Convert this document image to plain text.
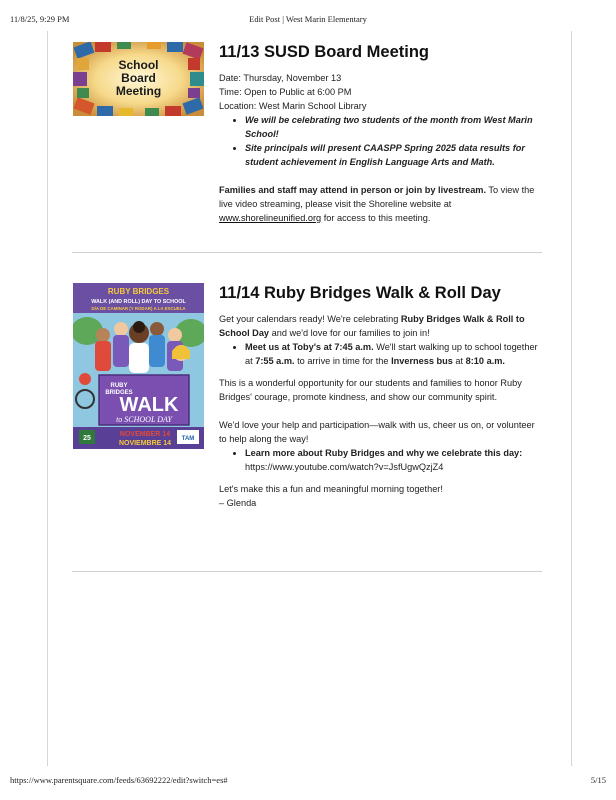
11/8/25, 9:29 PM	Edit Post | West Marin Elementary
School
Board
Meeting
11/13 SUSD Board Meeting

Date: Thursday, November 13

Time: Open to Public at 6:00 PM

Location: West Marin School Library

• We will be celebrating two students of the month from West Marin School!
• Site principals will present CAASPP Spring 2025 data results for student achievement in English Language Arts and Math.

Families and staff may attend in person or join by livestream. To view the live video streaming, please visit the Shoreline website at www.shorelineunified.org for access to this meeting.

RUBY BRIDGES
WALK (AND ROLL) DAY TO SCHOOL
DÍA DE CAMINAR (Y RODAR) A LA ESCUELA
RUBY
BRIDGES
WALK
to SCHOOL DAY
NOVEMBER 14
NOVIEMBRE 14
25	TAM
11/14 Ruby Bridges Walk & Roll Day

Get your calendars ready! We're celebrating Ruby Bridges Walk & Roll to School Day and we'd love for our families to join in!

• Meet us at Toby's at 7:45 a.m. We'll start walking up to school together at 7:55 a.m. to arrive in time for the Inverness bus at 8:10 a.m.

This is a wonderful opportunity for our students and families to honor Ruby Bridges' courage, promote kindness, and show our community spirit.

We'd love your help and participation—walk with us, cheer us on, or volunteer to help along the way!

• Learn more about Ruby Bridges and why we celebrate this day: https://www.youtube.com/watch?v=JsfUgwQzjZ4

Let's make this a fun and meaningful morning together!

– Glenda

https://www.parentsquare.com/feeds/63692222/edit?switch=es#	5/15
